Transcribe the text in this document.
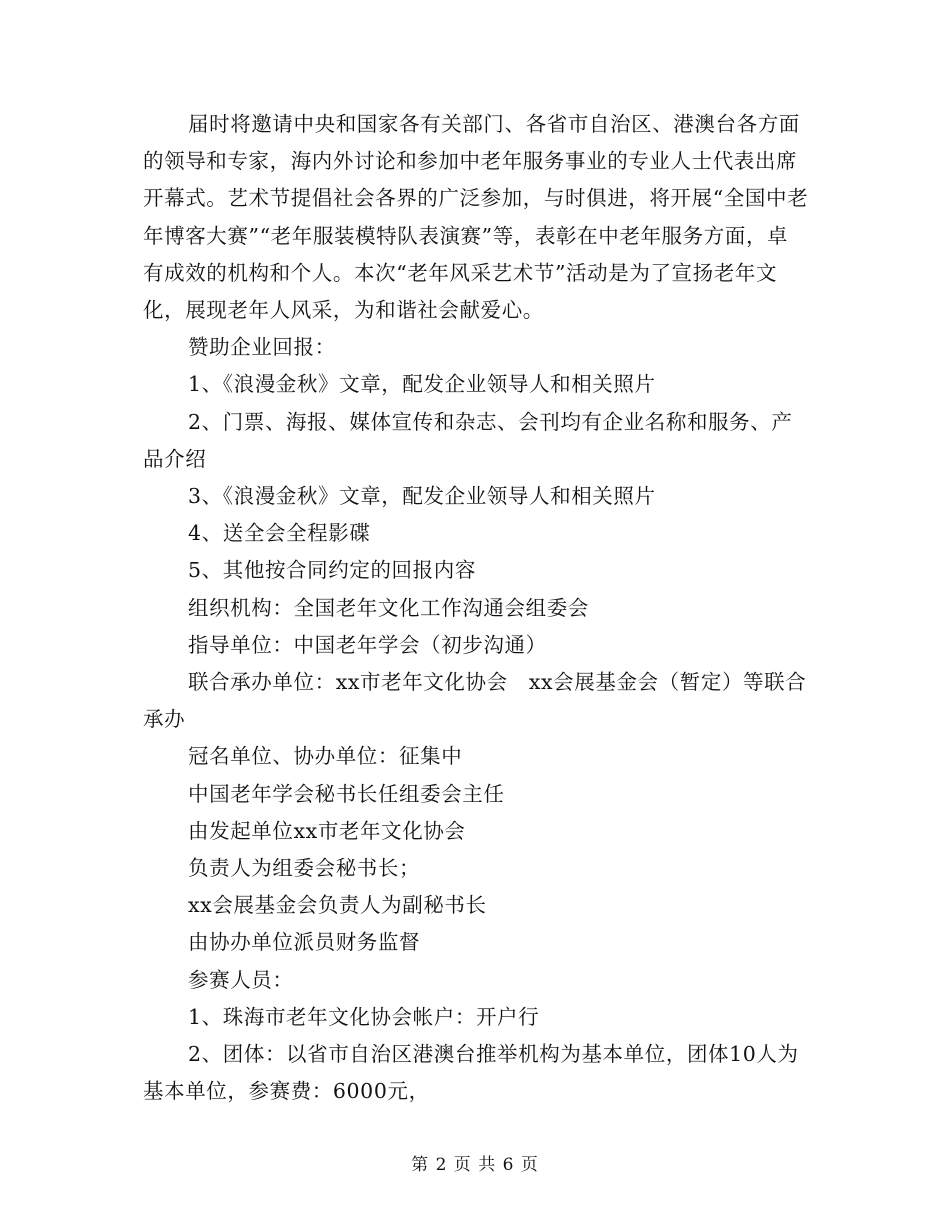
届时将邀请中央和国家各有关部门、各省市自治区、港澳台各方面的领导和专家，海内外讨论和参加中老年服务事业的专业人士代表出席开幕式。艺术节提倡社会各界的广泛参加，与时俱进，将开展“全国中老年博客大赛”“老年服装模特队表演赛”等，表彰在中老年服务方面，卓有成效的机构和个人。本次“老年风采艺术节”活动是为了宣扬老年文化，展现老年人风采，为和谐社会献爱心。

赞助企业回报：

1、《浪漫金秋》文章，配发企业领导人和相关照片

2、门票、海报、媒体宣传和杂志、会刊均有企业名称和服务、产品介绍

3、《浪漫金秋》文章，配发企业领导人和相关照片

4、送全会全程影碟

5、其他按合同约定的回报内容

组织机构：全国老年文化工作沟通会组委会

指导单位：中国老年学会（初步沟通）

联合承办单位：xx市老年文化协会　xx会展基金会（暂定）等联合承办

冠名单位、协办单位：征集中

中国老年学会秘书长任组委会主任

由发起单位xx市老年文化协会

负责人为组委会秘书长；

xx会展基金会负责人为副秘书长

由协办单位派员财务监督

参赛人员：

1、珠海市老年文化协会帐户：开户行

2、团体：以省市自治区港澳台推举机构为基本单位，团体10人为基本单位，参赛费：6000元，

第 2 页 共 6 页
